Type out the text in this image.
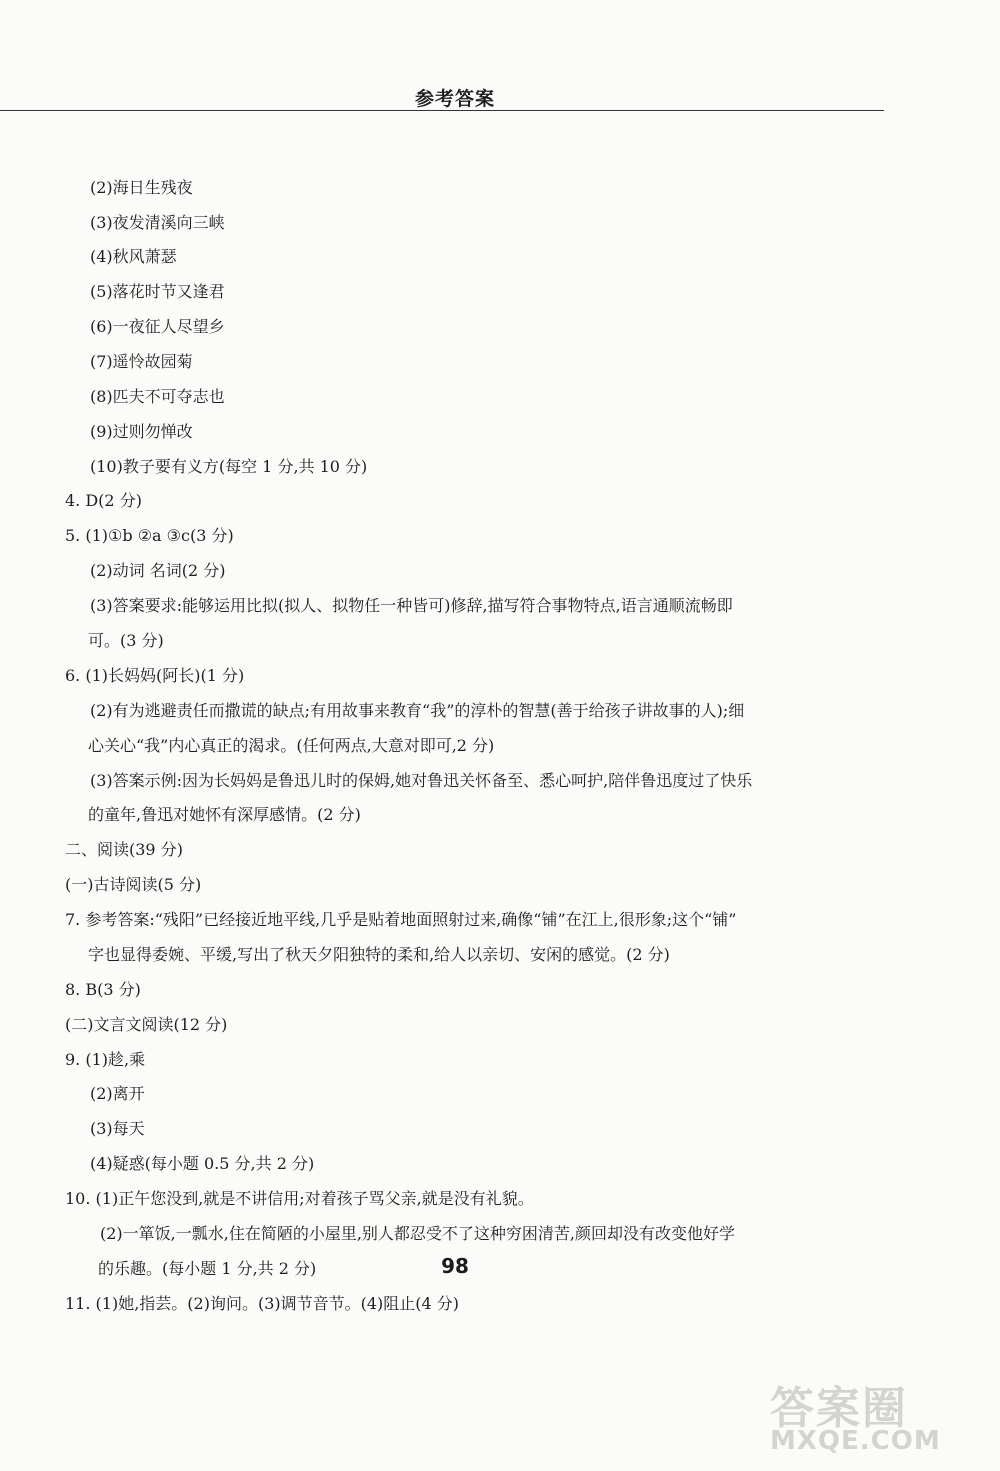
参考答案
(2)海日生残夜
(3)夜发清溪向三峡
(4)秋风萧瑟
(5)落花时节又逢君
(6)一夜征人尽望乡
(7)遥怜故园菊
(8)匹夫不可夺志也
(9)过则勿惮改
(10)教子要有义方(每空 1 分,共 10 分)
4. D(2 分)
5. (1)①b ②a ③c(3 分)
(2)动词 名词(2 分)
(3)答案要求:能够运用比拟(拟人、拟物任一种皆可)修辞,描写符合事物特点,语言通顺流畅即
可。(3 分)
6. (1)长妈妈(阿长)(1 分)
(2)有为逃避责任而撒谎的缺点;有用故事来教育“我”的淳朴的智慧(善于给孩子讲故事的人);细
心关心“我”内心真正的渴求。(任何两点,大意对即可,2 分)
(3)答案示例:因为长妈妈是鲁迅儿时的保姆,她对鲁迅关怀备至、悉心呵护,陪伴鲁迅度过了快乐
的童年,鲁迅对她怀有深厚感情。(2 分)
二、阅读(39 分)
(一)古诗阅读(5 分)
7. 参考答案:“残阳”已经接近地平线,几乎是贴着地面照射过来,确像“铺”在江上,很形象;这个“铺”
字也显得委婉、平缓,写出了秋天夕阳独特的柔和,给人以亲切、安闲的感觉。(2 分)
8. B(3 分)
(二)文言文阅读(12 分)
9. (1)趁,乘
(2)离开
(3)每天
(4)疑惑(每小题 0.5 分,共 2 分)
10. (1)正午您没到,就是不讲信用;对着孩子骂父亲,就是没有礼貌。
(2)一箪饭,一瓢水,住在简陋的小屋里,别人都忍受不了这种穷困清苦,颜回却没有改变他好学
的乐趣。(每小题 1 分,共 2 分)
11. (1)她,指芸。(2)询问。(3)调节音节。(4)阻止(4 分)
98
答案圈
MXQE.COM
